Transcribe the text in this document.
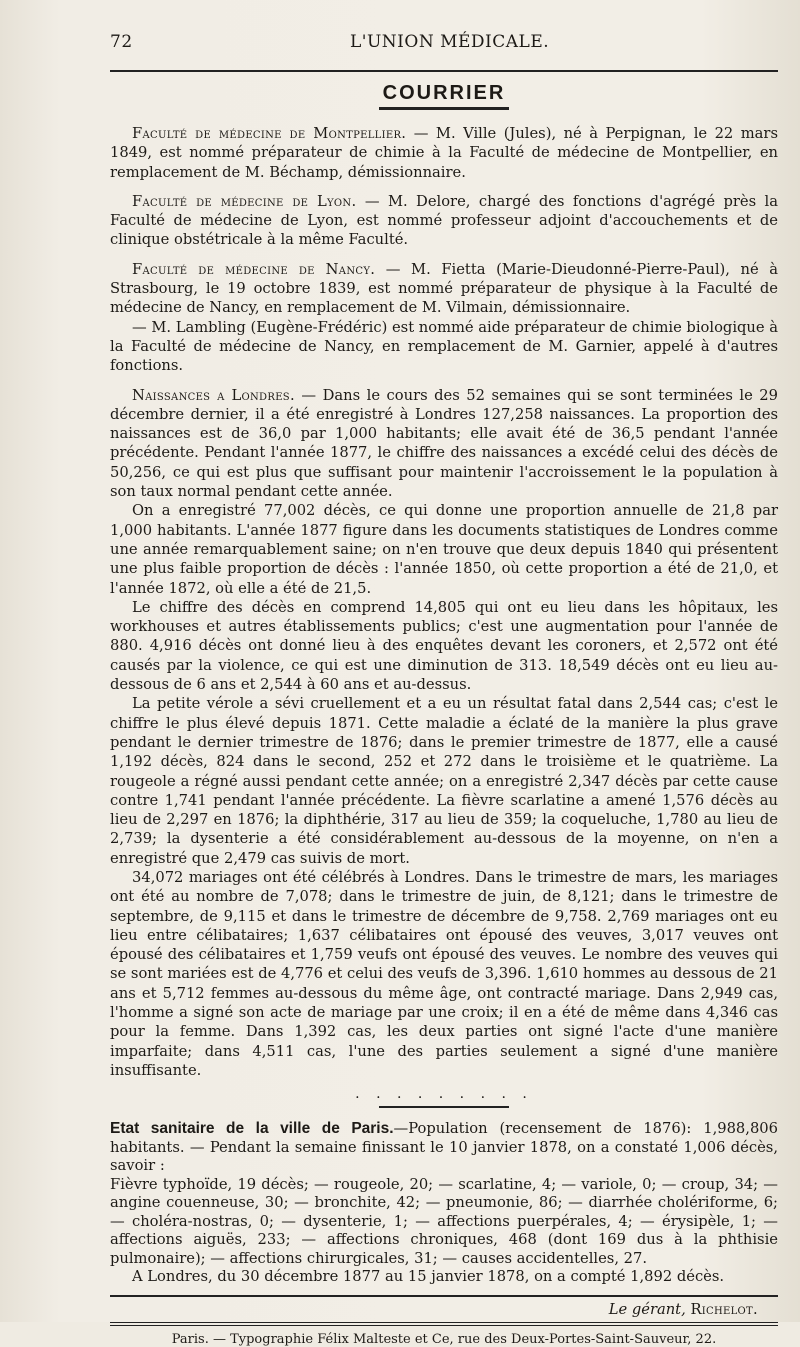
72	L'UNION MÉDICALE.
COURRIER

Faculté de médecine de Montpellier. — M. Ville (Jules), né à Perpignan, le 22 mars 1849, est nommé préparateur de chimie à la Faculté de médecine de Montpellier, en remplacement de M. Béchamp, démissionnaire.

Faculté de médecine de Lyon. — M. Delore, chargé des fonctions d'agrégé près la Faculté de médecine de Lyon, est nommé professeur adjoint d'accouchements et de clinique obstétricale à la même Faculté.

Faculté de médecine de Nancy. — M. Fietta (Marie-Dieudonné-Pierre-Paul), né à Strasbourg, le 19 octobre 1839, est nommé préparateur de physique à la Faculté de médecine de Nancy, en remplacement de M. Vilmain, démissionnaire.

— M. Lambling (Eugène-Frédéric) est nommé aide préparateur de chimie biologique à la Faculté de médecine de Nancy, en remplacement de M. Garnier, appelé à d'autres fonctions.

Naissances a Londres. — Dans le cours des 52 semaines qui se sont terminées le 29 décembre dernier, il a été enregistré à Londres 127,258 naissances. La proportion des naissances est de 36,0 par 1,000 habitants; elle avait été de 36,5 pendant l'année précédente. Pendant l'année 1877, le chiffre des naissances a excédé celui des décès de 50,256, ce qui est plus que suffisant pour maintenir l'accroissement le la population à son taux normal pendant cette année.

On a enregistré 77,002 décès, ce qui donne une proportion annuelle de 21,8 par 1,000 habitants. L'année 1877 figure dans les documents statistiques de Londres comme une année remarquablement saine; on n'en trouve que deux depuis 1840 qui présentent une plus faible proportion de décès : l'année 1850, où cette proportion a été de 21,0, et l'année 1872, où elle a été de 21,5.

Le chiffre des décès en comprend 14,805 qui ont eu lieu dans les hôpitaux, les workhouses et autres établissements publics; c'est une augmentation pour l'année de 880. 4,916 décès ont donné lieu à des enquêtes devant les coroners, et 2,572 ont été causés par la violence, ce qui est une diminution de 313. 18,549 décès ont eu lieu au-dessous de 6 ans et 2,544 à 60 ans et au-dessus.

La petite vérole a sévi cruellement et a eu un résultat fatal dans 2,544 cas; c'est le chiffre le plus élevé depuis 1871. Cette maladie a éclaté de la manière la plus grave pendant le dernier trimestre de 1876; dans le premier trimestre de 1877, elle a causé 1,192 décès, 824 dans le second, 252 et 272 dans le troisième et le quatrième. La rougeole a régné aussi pendant cette année; on a enregistré 2,347 décès par cette cause contre 1,741 pendant l'année précédente. La fièvre scarlatine a amené 1,576 décès au lieu de 2,297 en 1876; la diphthérie, 317 au lieu de 359; la coqueluche, 1,780 au lieu de 2,739; la dysenterie a été considérablement au-dessous de la moyenne, on n'en a enregistré que 2,479 cas suivis de mort.

34,072 mariages ont été célébrés à Londres. Dans le trimestre de mars, les mariages ont été au nombre de 7,078; dans le trimestre de juin, de 8,121; dans le trimestre de septembre, de 9,115 et dans le trimestre de décembre de 9,758. 2,769 mariages ont eu lieu entre célibataires; 1,637 célibataires ont épousé des veuves, 3,017 veuves ont épousé des célibataires et 1,759 veufs ont épousé des veuves. Le nombre des veuves qui se sont mariées est de 4,776 et celui des veufs de 3,396. 1,610 hommes au dessous de 21 ans et 5,712 femmes au-dessous du même âge, ont contracté mariage. Dans 2,949 cas, l'homme a signé son acte de mariage par une croix; il en a été de même dans 4,346 cas pour la femme. Dans 1,392 cas, les deux parties ont signé l'acte d'une manière imparfaite; dans 4,511 cas, l'une des parties seulement a signé d'une manière insuffisante.

. . . . . . . . .

Etat sanitaire de la ville de Paris.—Population (recensement de 1876): 1,988,806 habitants. — Pendant la semaine finissant le 10 janvier 1878, on a constaté 1,006 décès, savoir :

Fièvre typhoïde, 19 décès; — rougeole, 20; — scarlatine, 4; — variole, 0; — croup, 34; — angine couenneuse, 30; — bronchite, 42; — pneumonie, 86; — diarrhée cholériforme, 6; — choléra-nostras, 0; — dysenterie, 1; — affections puerpérales, 4; — érysipèle, 1; — affections aiguës, 233; — affections chroniques, 468 (dont 169 dus à la phthisie pulmonaire); — affections chirurgicales, 31; — causes accidentelles, 27.

A Londres, du 30 décembre 1877 au 15 janvier 1878, on a compté 1,892 décès.

Le gérant, Richelot.
Paris. — Typographie Félix Malteste et Ce, rue des Deux-Portes-Saint-Sauveur, 22.
